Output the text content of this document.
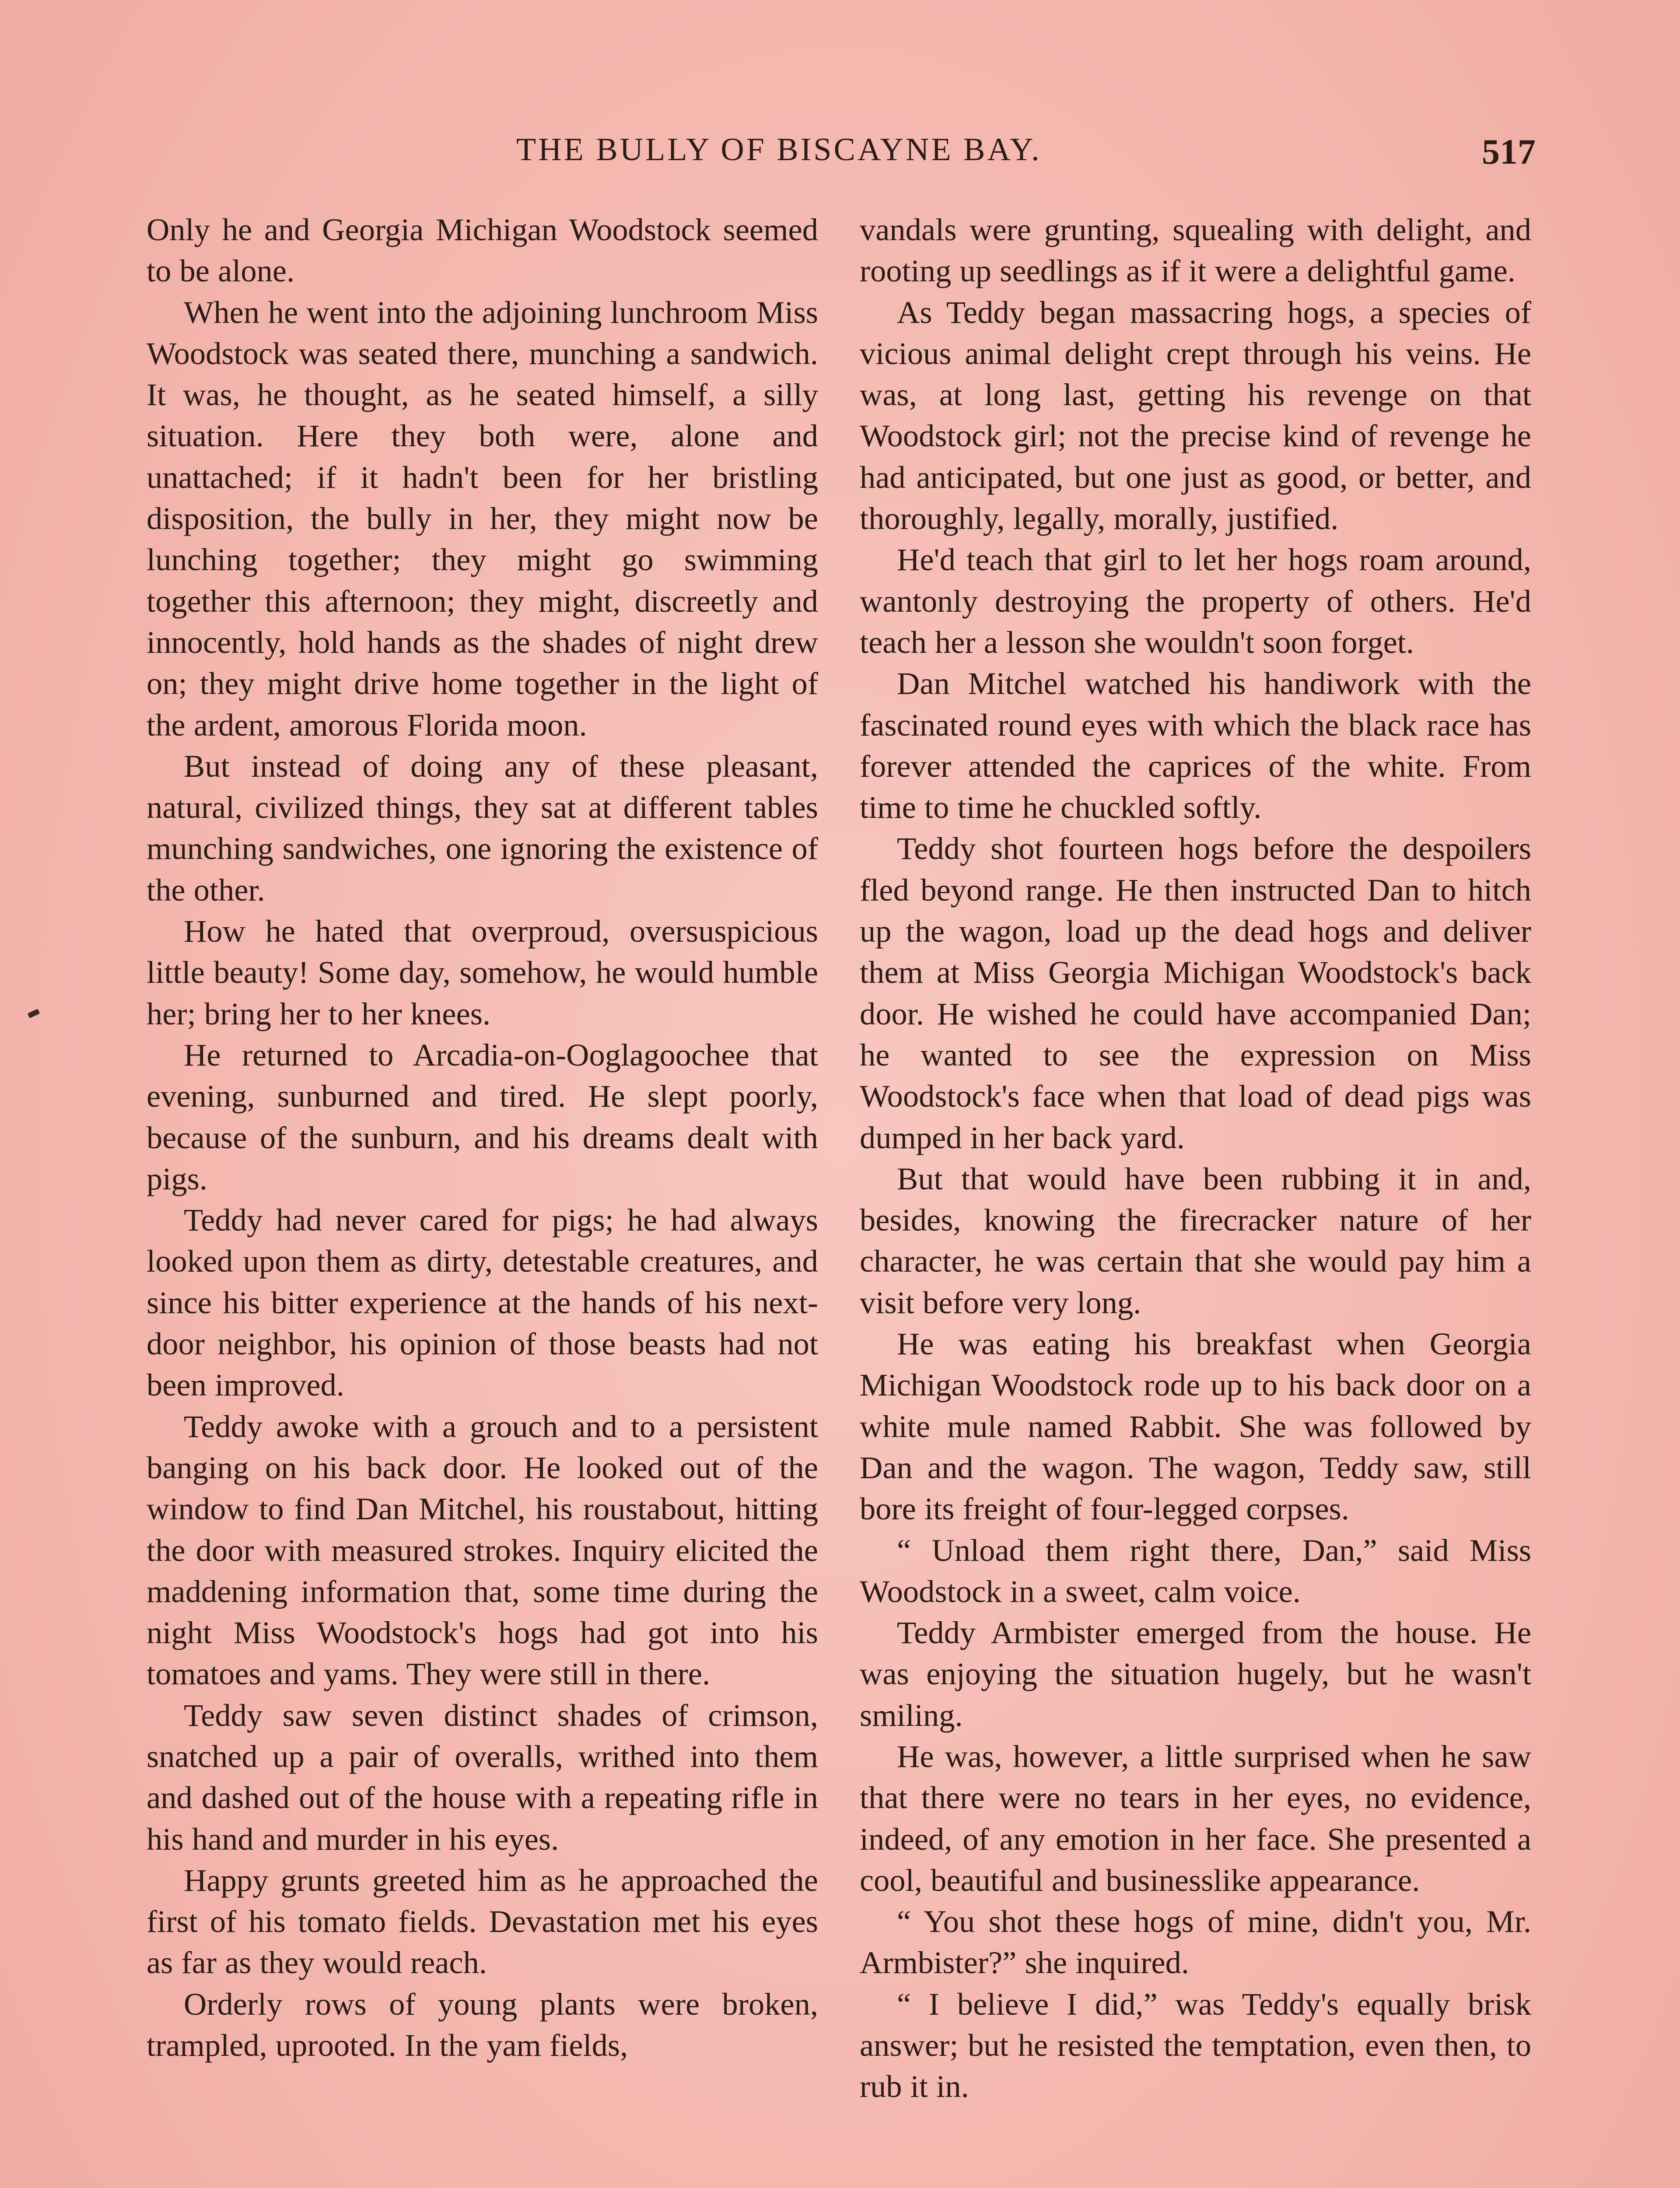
THE BULLY OF BISCAYNE BAY.	517

Only he and Georgia Michigan Woodstock seemed to be alone.

When he went into the adjoining lunchroom Miss Woodstock was seated there, munching a sandwich. It was, he thought, as he seated himself, a silly situation. Here they both were, alone and unattached; if it hadn't been for her bristling disposition, the bully in her, they might now be lunching together; they might go swimming together this afternoon; they might, discreetly and innocently, hold hands as the shades of night drew on; they might drive home together in the light of the ardent, amorous Florida moon.

But instead of doing any of these pleasant, natural, civilized things, they sat at different tables munching sandwiches, one ignoring the existence of the other.

How he hated that overproud, oversuspicious little beauty! Some day, somehow, he would humble her; bring her to her knees.

He returned to Arcadia-on-Ooglagoochee that evening, sunburned and tired. He slept poorly, because of the sunburn, and his dreams dealt with pigs.

Teddy had never cared for pigs; he had always looked upon them as dirty, detestable creatures, and since his bitter experience at the hands of his next-door neighbor, his opinion of those beasts had not been improved.

Teddy awoke with a grouch and to a persistent banging on his back door. He looked out of the window to find Dan Mitchel, his roustabout, hitting the door with measured strokes. Inquiry elicited the maddening information that, some time during the night Miss Woodstock's hogs had got into his tomatoes and yams. They were still in there.

Teddy saw seven distinct shades of crimson, snatched up a pair of overalls, writhed into them and dashed out of the house with a repeating rifle in his hand and murder in his eyes.

Happy grunts greeted him as he approached the first of his tomato fields. Devastation met his eyes as far as they would reach.

Orderly rows of young plants were broken, trampled, uprooted. In the yam fields,

vandals were grunting, squealing with delight, and rooting up seedlings as if it were a delightful game.

As Teddy began massacring hogs, a species of vicious animal delight crept through his veins. He was, at long last, getting his revenge on that Woodstock girl; not the precise kind of revenge he had anticipated, but one just as good, or better, and thoroughly, legally, morally, justified.

He'd teach that girl to let her hogs roam around, wantonly destroying the property of others. He'd teach her a lesson she wouldn't soon forget.

Dan Mitchel watched his handiwork with the fascinated round eyes with which the black race has forever attended the caprices of the white. From time to time he chuckled softly.

Teddy shot fourteen hogs before the despoilers fled beyond range. He then instructed Dan to hitch up the wagon, load up the dead hogs and deliver them at Miss Georgia Michigan Woodstock's back door. He wished he could have accompanied Dan; he wanted to see the expression on Miss Woodstock's face when that load of dead pigs was dumped in her back yard.

But that would have been rubbing it in and, besides, knowing the firecracker nature of her character, he was certain that she would pay him a visit before very long.

He was eating his breakfast when Georgia Michigan Woodstock rode up to his back door on a white mule named Rabbit. She was followed by Dan and the wagon. The wagon, Teddy saw, still bore its freight of four-legged corpses.

“ Unload them right there, Dan,” said Miss Woodstock in a sweet, calm voice.

Teddy Armbister emerged from the house. He was enjoying the situation hugely, but he wasn't smiling.

He was, however, a little surprised when he saw that there were no tears in her eyes, no evidence, indeed, of any emotion in her face. She presented a cool, beautiful and businesslike appearance.

“ You shot these hogs of mine, didn't you, Mr. Armbister?” she inquired.

“ I believe I did,” was Teddy's equally brisk answer; but he resisted the temptation, even then, to rub it in.
